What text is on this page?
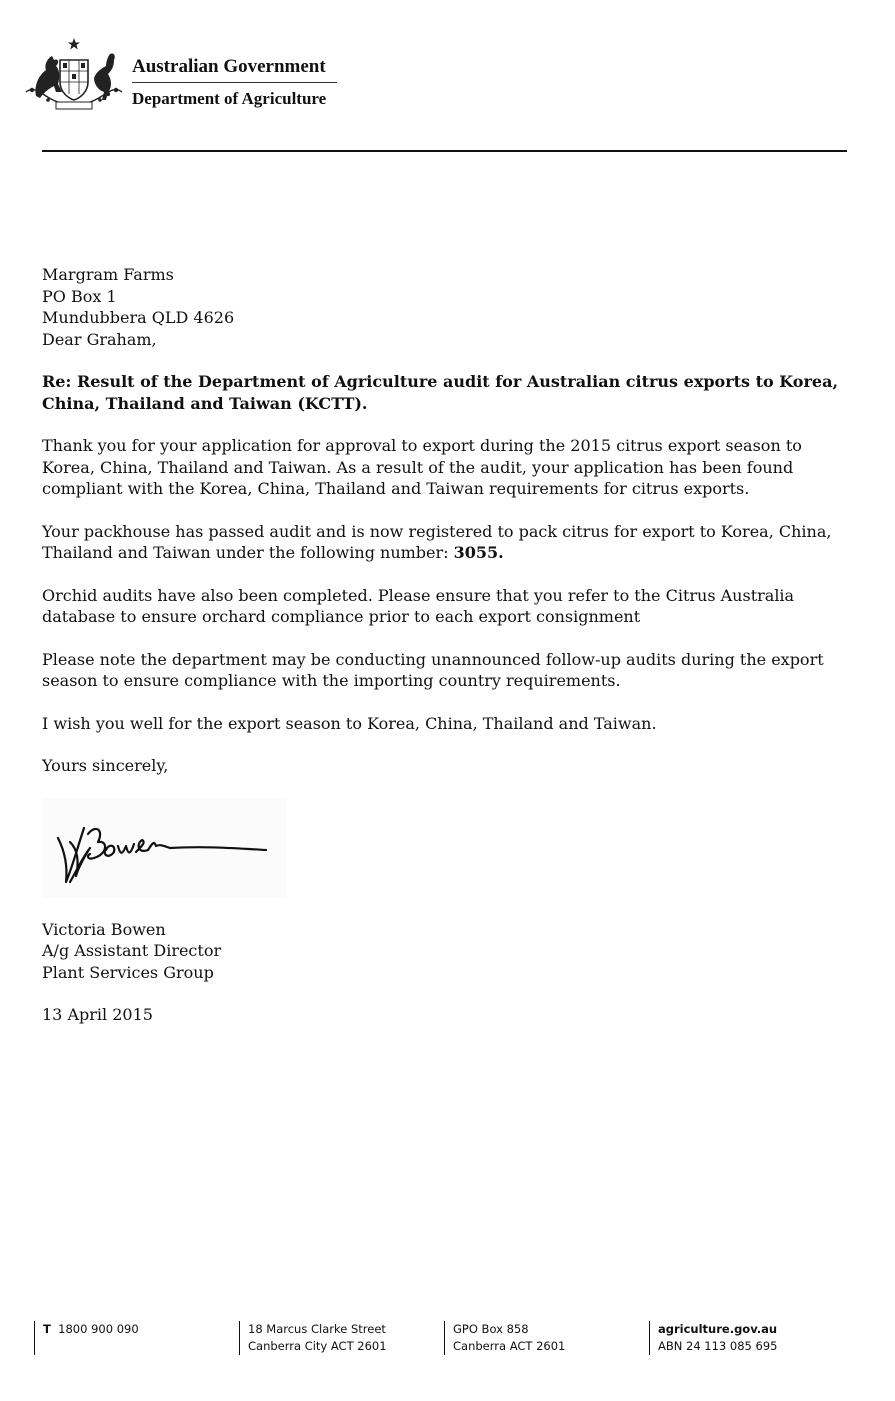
Australian Government
Department of Agriculture

Margram Farms

PO Box 1

Mundubbera QLD 4626

Dear Graham,

Re: Result of the Department of Agriculture audit for Australian citrus exports to Korea, China, Thailand and Taiwan (KCTT).

Thank you for your application for approval to export during the 2015 citrus export season to Korea, China, Thailand and Taiwan. As a result of the audit, your application has been found compliant with the Korea, China, Thailand and Taiwan requirements for citrus exports.

Your packhouse has passed audit and is now registered to pack citrus for export to Korea, China, Thailand and Taiwan under the following number: 3055.

Orchid audits have also been completed. Please ensure that you refer to the Citrus Australia database to ensure orchard compliance prior to each export consignment

Please note the department may be conducting unannounced follow-up audits during the export season to ensure compliance with the importing country requirements.

I wish you well for the export season to Korea, China, Thailand and Taiwan.

Yours sincerely,

Victoria Bowen

A/g Assistant Director

Plant Services Group

13 April 2015

T 1800 900 090	18 Marcus Clarke Street

Canberra City ACT 2601

GPO Box 858

Canberra ACT 2601

agriculture.gov.au

ABN 24 113 085 695
